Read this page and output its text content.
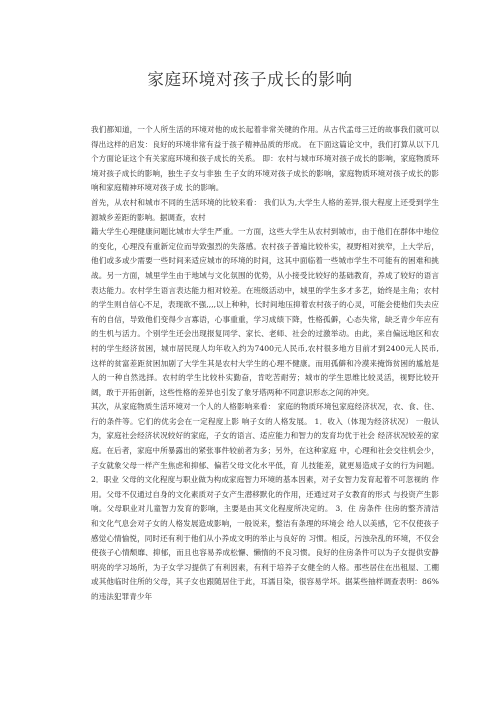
家庭环境对孩子成长的影响

我们都知道，一个人所生活的环境对他的成长起着非常关键的作用。从古代孟母三迁的故事我们就可以得出这样的启发：良好的环境非常有益于孩子精神品质的形成。 在下面这篇论文中，我们打算从以下几个方面论证这个有关家庭环境和孩子成长的关系。 即：农村与城市环境对孩子成长的影响，家庭物质环境对孩子成长的影响，独生子女与非独 生子女的环境对孩子成长的影响，家庭物质环境对孩子成长的影响和家庭精神环境对孩子成 长的影响。

首先，从农村和城市不同的生活环境的比较来看： 我们认为,大学生人格的差异,很大程度上还受到学生源城乡差距的影响。据调查，农村

籍大学生心理健康问题比城市大学生严重。一方面，这些大学生从农村到城市，由于他们在群体中地位的变化，心理没有重新定位而导致强烈的失落感。农村孩子普遍比较朴实，视野相对狭窄，上大学后，他们或多或少需要一些时间来适应城市的环境的时间，这其中面临着一些城市学生不可能有的困难和挑战。另一方面，城里学生由于地域与文化氛围的优势，从小接受比较好的基础教育，养成了较好的语言表达能力。农村学生语言表达能力相对较差。在班级活动中，城里的学生多才多艺，始终是主角；农村的学生则自信心不足，表现欲不强,,,,以上种种，长时间地压抑着农村孩子的心灵，可能会使他们失去应有的自信，导致他们变得少言寡语，心事重重，学习成绩下降，性格孤僻，心态失常，缺乏青少年应有的生机与活力。个别学生还会出现报复同学、家长、老师、社会的过激举动。由此，来自偏远地区和农村的学生经济贫困，城市居民现人均年收入约为7400元人民币,农村很多地方目前才到2400元人民币,这样的贫富差距贫困加剧了大学生其是农村大学生的心理不健康。而用孤僻和冷漠来掩饰贫困的尴尬是人的一种自然选择。农村的学生比较朴实勤奋，肯吃苦耐劳；城市的学生思维比较灵活，视野比较开阔，敢于开拓创新，这些性格的差异也引发了象牙塔两种不同意识形态之间的冲突。

其次，从家庭物质生活环境对一个人的人格影响来看： 家庭的物质环境包家庭经济状况，衣、食、住、行的条件等。它们的优劣会在一定程度上影 响子女的人格发展。 1．收入（体现为经济状况） 一般认为，家庭社会经济状况较好的家庭，子女的语言、适应能力和智力的发育均优于社会 经济状况较差的家庭。在后者，家庭中所暴露出的紧张事件较前者为多；另外，在这种家庭 中，心理和社会交往机会少，子女就象父母一样产生焦虑和抑郁、偏若父母文化水平低，育 儿技能差，就更易造成子女的行为问题。 2．职业 父母的文化程度与职业做为构成家庭智力环境的基本因素，对子女智力发育起着不可忽视的 作用。父母不仅通过自身的文化素质对子女产生潜移默化的作用，还通过对子女教育的形式 与投资产生影响。父母职业对儿童智力发育的影响，主要是由其文化程度所决定的。 3．住 房条件 住房的整齐清洁和文化气息会对子女的人格发展造成影响，一般说来，整洁有条理的环境会 给人以美感，它不仅使孩子感觉心情愉悦，同时还有利于他们从小养成文明的举止与良好的 习惯。相反，污浊杂乱的环境，不仅会使孩子心情颓靡、抑郁，而且也容易养成松懈、懒惰的不良习惯。良好的住房条件可以为子女提供安静明亮的学习场所，为子女学习提供了有利因素，有利于培养子女健全的人格。那些居住在出租屋、工棚或其他临时住所的父母，其子女也跟随居住于此，耳濡目染，很容易学坏。据某些抽样调查表明：86%的违法犯罪青少年
